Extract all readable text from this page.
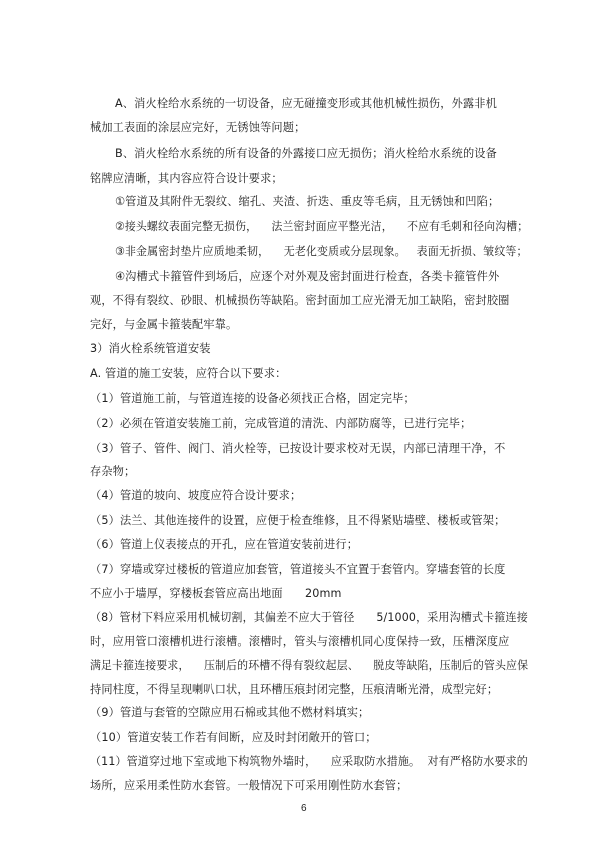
A、消火栓给水系统的一切设备，应无碰撞变形或其他机械性损伤，外露非机
械加工表面的涂层应完好，无锈蚀等问题；
B、消火栓给水系统的所有设备的外露接口应无损伤；消火栓给水系统的设备
铭牌应清晰，其内容应符合设计要求；
①管道及其附件无裂纹、缩孔、夹渣、折迭、重皮等毛病，且无锈蚀和凹陷；
②接头螺纹表面完整无损伤，    法兰密封面应平整光洁，    不应有毛刺和径向沟槽；
③非金属密封垫片应质地柔韧，    无老化变质或分层现象。   表面无折损、皱纹等；
④沟槽式卡箍管件到场后，应逐个对外观及密封面进行检查，各类卡箍管件外
观，不得有裂纹、砂眼、机械损伤等缺陷。密封面加工应光滑无加工缺陷，密封胶圈
完好，与金属卡箍装配牢靠。
3）消火栓系统管道安装
A. 管道的施工安装，应符合以下要求：
（1）管道施工前，与管道连接的设备必须找正合格，固定完毕；
（2）必须在管道安装施工前，完成管道的清洗、内部防腐等，已进行完毕；
（3）管子、管件、阀门、消火栓等，已按设计要求校对无误，内部已清理干净，不
存杂物；
（4）管道的坡向、坡度应符合设计要求；
（5）法兰、其他连接件的设置，应便于检查维修，且不得紧贴墙壁、楼板或管架；
（6）管道上仪表接点的开孔，应在管道安装前进行；
（7）穿墙或穿过楼板的管道应加套管，管道接头不宜置于套管内。穿墙套管的长度
不应小于墙厚，穿楼板套管应高出地面      20mm
（8）管材下料应采用机械切割，其偏差不应大于管径      5/1000，采用沟槽式卡箍连接
时，应用管口滚槽机进行滚槽。滚槽时，管头与滚槽机同心度保持一致，压槽深度应
满足卡箍连接要求，    压制后的环槽不得有裂纹起层、    脱皮等缺陷，压制后的管头应保
持同柱度，不得呈现喇叭口状，且环槽压痕封闭完整，压痕清晰光滑，成型完好；
（9）管道与套管的空隙应用石棉或其他不燃材料填实；
（10）管道安装工作若有间断，应及时封闭敞开的管口；
（11）管道穿过地下室或地下构筑物外墙时，    应采取防水措施。  对有严格防水要求的
场所，应采用柔性防水套管。一般情况下可采用刚性防水套管；
6
